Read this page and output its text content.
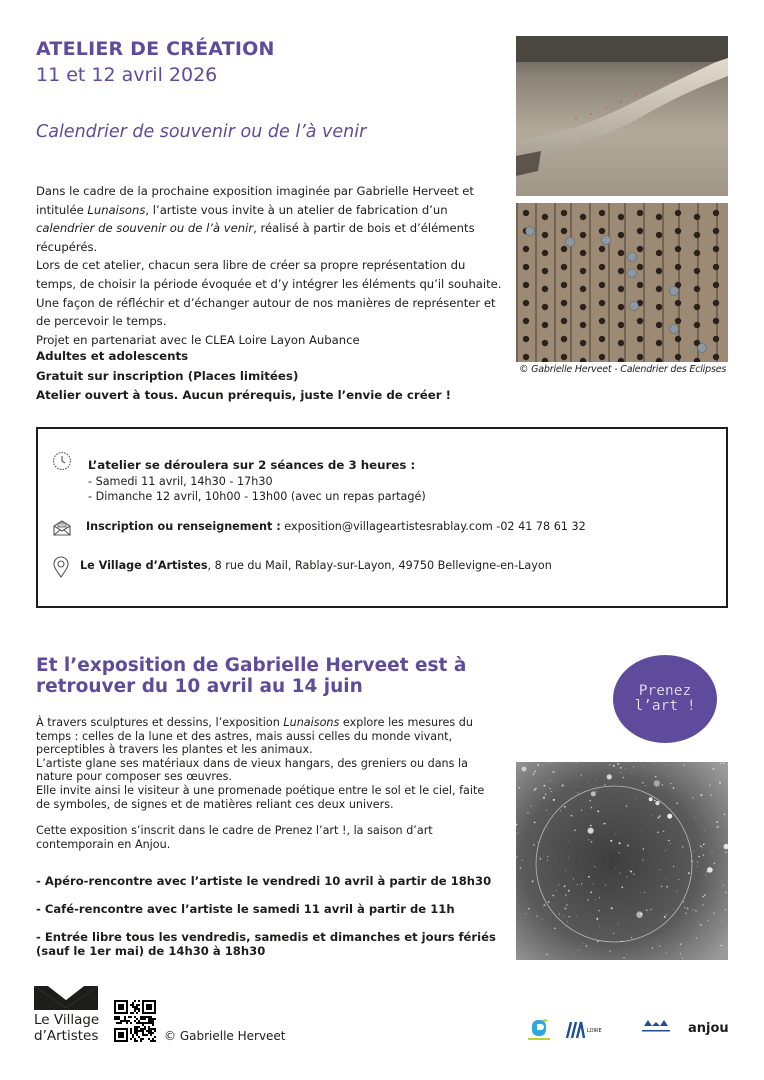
ATELIER DE CRÉATION
11 et 12 avril 2026
Calendrier de souvenir ou de l’à venir
Dans le cadre de la prochaine exposition imaginée par Gabrielle Herveet et intitulée Lunaisons, l’artiste vous invite à un atelier de fabrication d’un calendrier de souvenir ou de l’à venir, réalisé à partir de bois et d’éléments récupérés.
Lors de cet atelier, chacun sera libre de créer sa propre représentation du temps, de choisir la période évoquée et d’y intégrer les éléments qu’il souhaite. Une façon de réfléchir et d’échanger autour de nos manières de représenter et de percevoir le temps.
Projet en partenariat avec le CLEA Loire Layon Aubance
Adultes et adolescents
Gratuit sur inscription (Places limitées)
Atelier ouvert à tous. Aucun prérequis, juste l’envie de créer !
© Gabrielle Herveet - Calendrier des Eclipses
L’atelier se déroulera sur 2 séances de 3 heures :
- Samedi 11 avril, 14h30 - 17h30
- Dimanche 12 avril, 10h00 - 13h00 (avec un repas partagé)
Inscription ou renseignement : exposition@villageartistesrablay.com -02 41 78 61 32
Le Village d’Artistes, 8 rue du Mail, Rablay-sur-Layon, 49750 Bellevigne-en-Layon
Et l’exposition de Gabrielle Herveet est à retrouver du 10 avril au 14 juin
À travers sculptures et dessins, l’exposition Lunaisons explore les mesures du temps : celles de la lune et des astres, mais aussi celles du monde vivant, perceptibles à travers les plantes et les animaux.
L’artiste glane ses matériaux dans de vieux hangars, des greniers ou dans la nature pour composer ses œuvres.
Elle invite ainsi le visiteur à une promenade poétique entre le sol et le ciel, faite de symboles, de signes et de matières reliant ces deux univers.
Cette exposition s’inscrit dans le cadre de Prenez l’art !, la saison d’art contemporain en Anjou.
- Apéro-rencontre avec l’artiste le vendredi 10 avril à partir de 18h30
- Café-rencontre avec l’artiste le samedi 11 avril à partir de 11h
- Entrée libre tous les vendredis, samedis et dimanches et jours fériés (sauf le 1er mai) de 14h30 à 18h30
Prenez
l’art !
Le Village
d’Artistes	© Gabrielle Herveet	LOIRE	anjou
